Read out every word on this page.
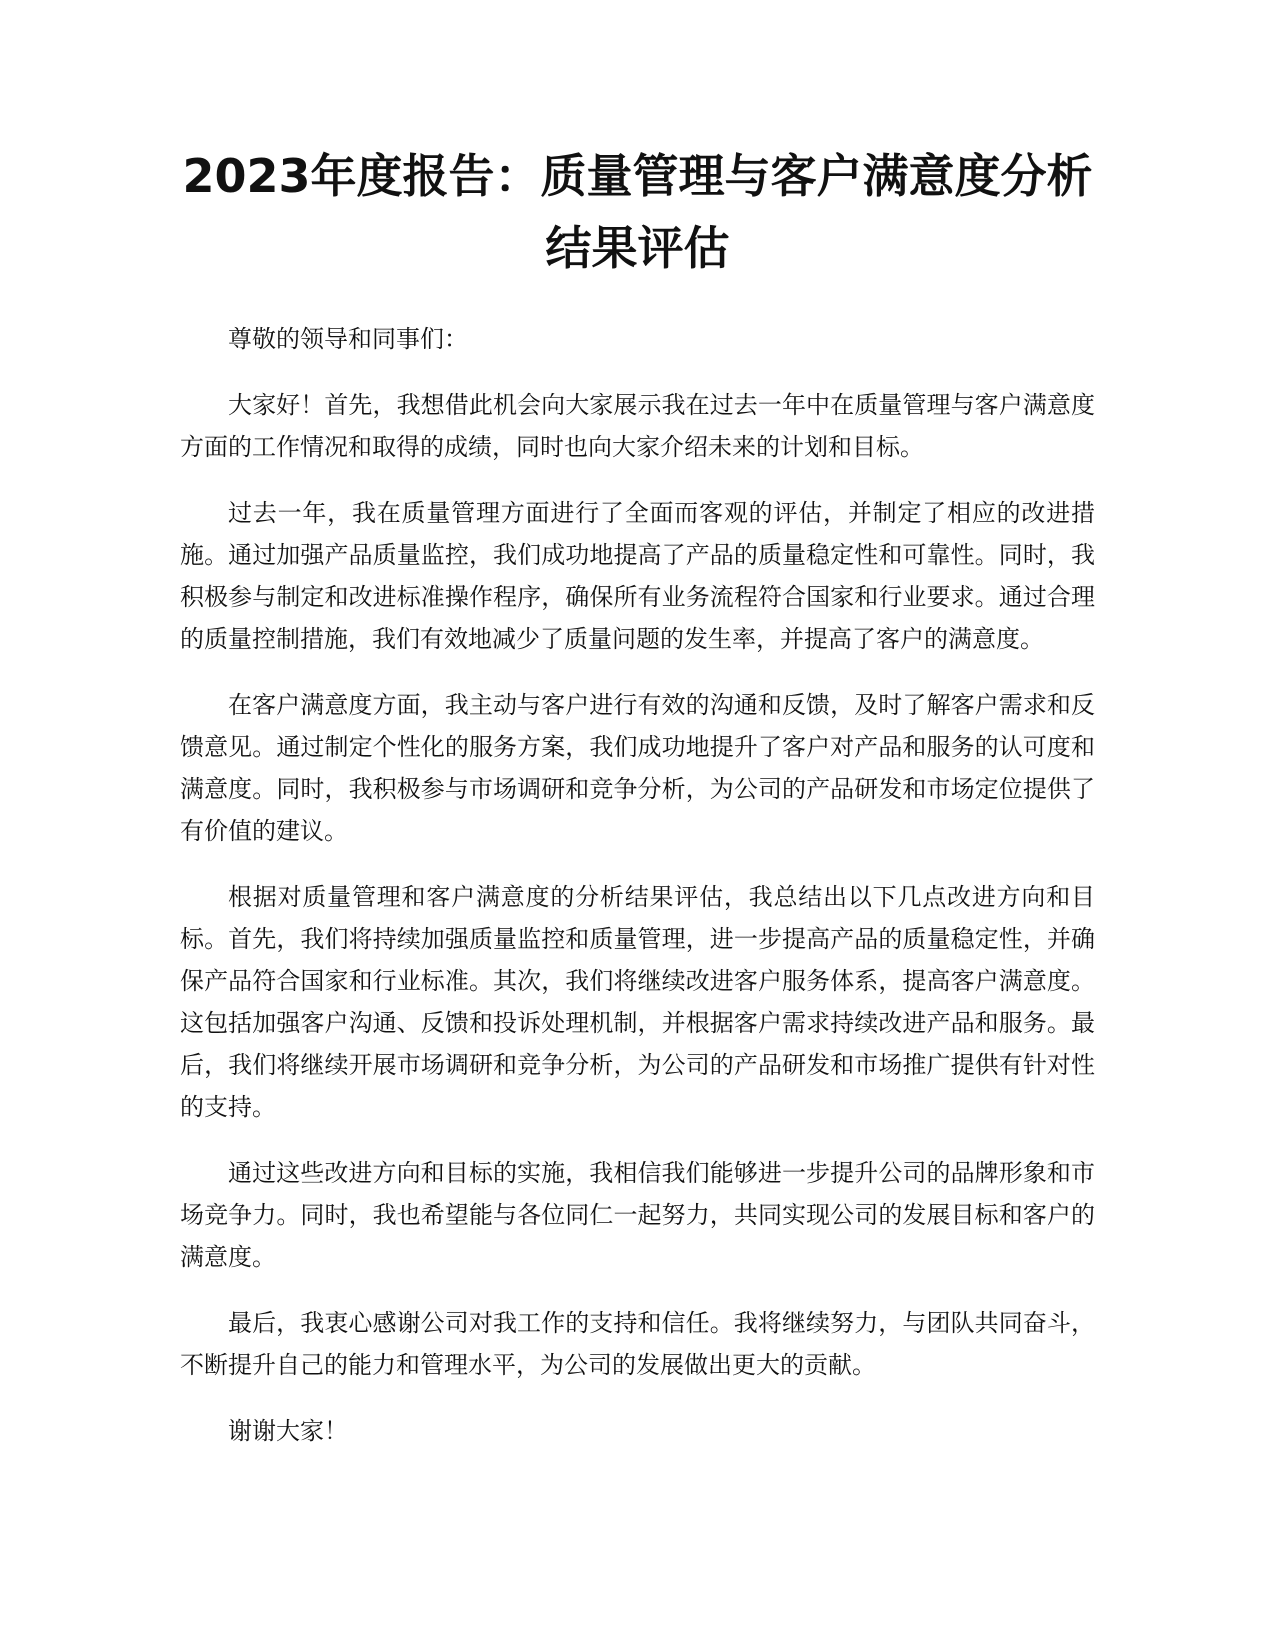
2023年度报告：质量管理与客户满意度分析
结果评估

尊敬的领导和同事们：

大家好！首先，我想借此机会向大家展示我在过去一年中在质量管理与客户满意度方面的工作情况和取得的成绩，同时也向大家介绍未来的计划和目标。

过去一年，我在质量管理方面进行了全面而客观的评估，并制定了相应的改进措施。通过加强产品质量监控，我们成功地提高了产品的质量稳定性和可靠性。同时，我积极参与制定和改进标准操作程序，确保所有业务流程符合国家和行业要求。通过合理的质量控制措施，我们有效地减少了质量问题的发生率，并提高了客户的满意度。

在客户满意度方面，我主动与客户进行有效的沟通和反馈，及时了解客户需求和反馈意见。通过制定个性化的服务方案，我们成功地提升了客户对产品和服务的认可度和满意度。同时，我积极参与市场调研和竞争分析，为公司的产品研发和市场定位提供了有价值的建议。

根据对质量管理和客户满意度的分析结果评估，我总结出以下几点改进方向和目标。首先，我们将持续加强质量监控和质量管理，进一步提高产品的质量稳定性，并确保产品符合国家和行业标准。其次，我们将继续改进客户服务体系，提高客户满意度。这包括加强客户沟通、反馈和投诉处理机制，并根据客户需求持续改进产品和服务。最后，我们将继续开展市场调研和竞争分析，为公司的产品研发和市场推广提供有针对性的支持。

通过这些改进方向和目标的实施，我相信我们能够进一步提升公司的品牌形象和市场竞争力。同时，我也希望能与各位同仁一起努力，共同实现公司的发展目标和客户的满意度。

最后，我衷心感谢公司对我工作的支持和信任。我将继续努力，与团队共同奋斗，不断提升自己的能力和管理水平，为公司的发展做出更大的贡献。

谢谢大家！
